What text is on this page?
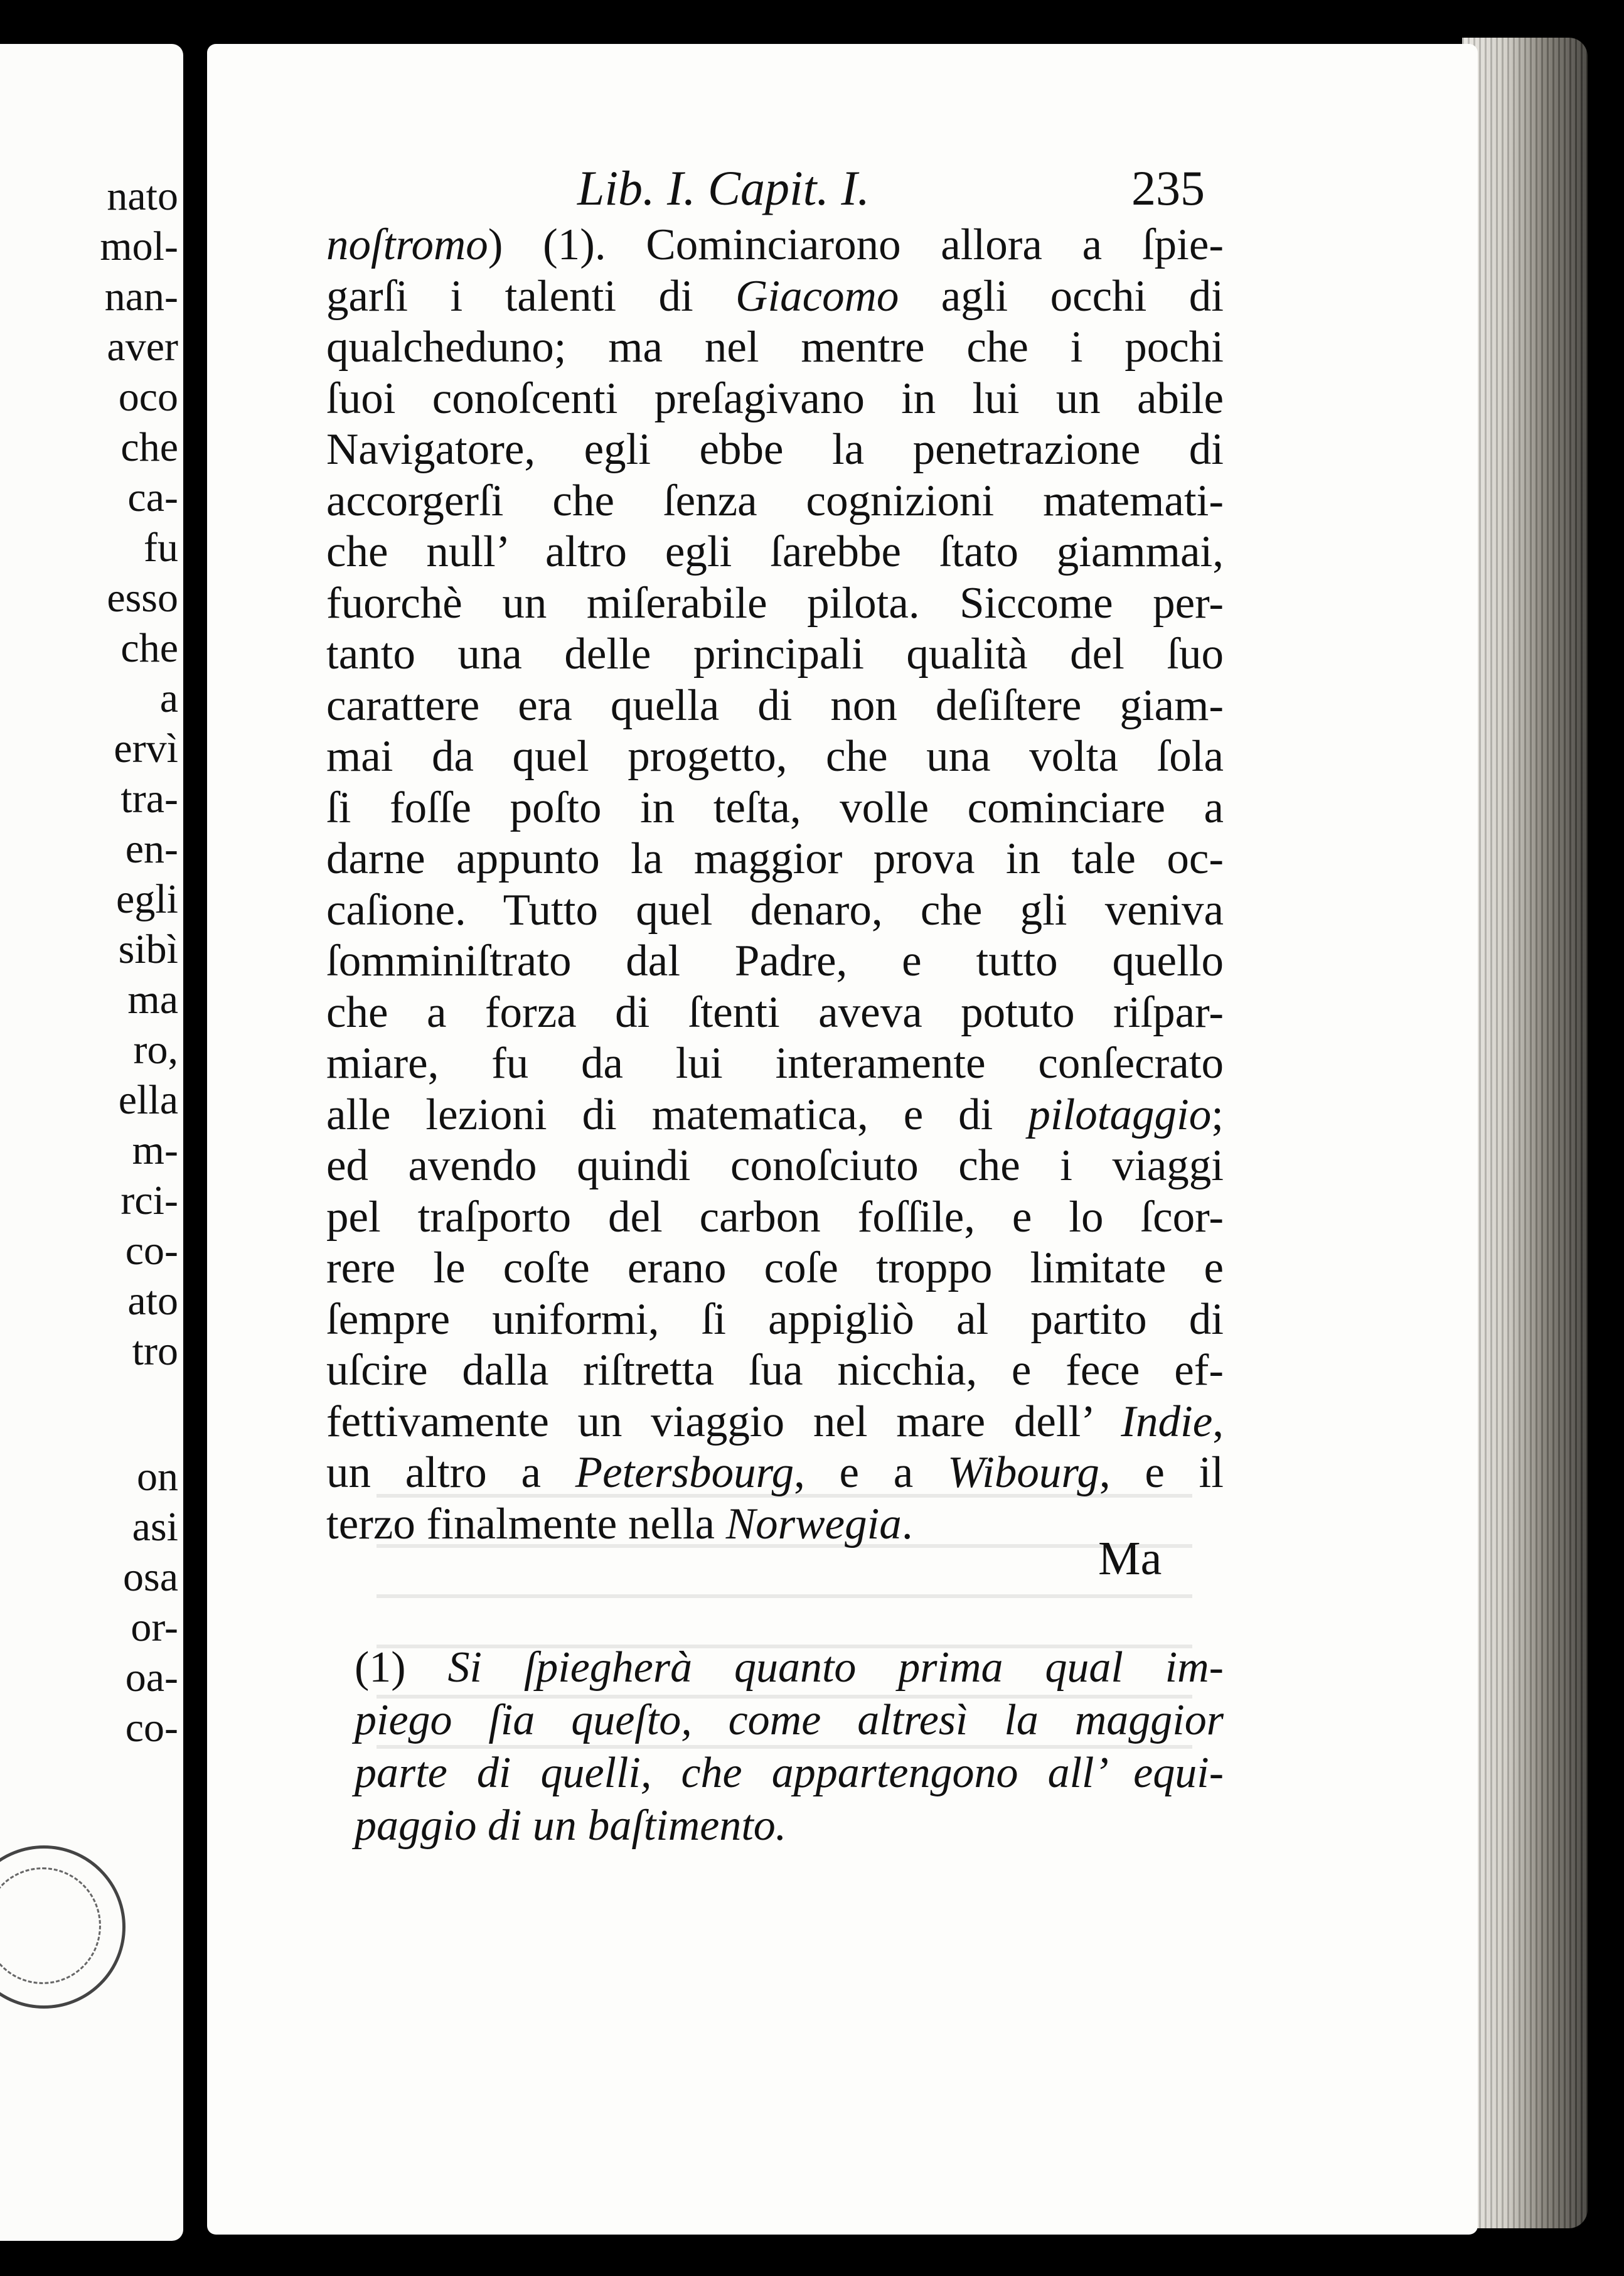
nato
mol-
nan-
aver
oco
che
ca-
fu
esso
che
a
ervì
tra-
en-
egli
sibì
ma
ro,
ella
m-
rci-
co-
ato
tro
on
asi
osa
or-
oa-
co-
Lib. I. Capit. I.	235
noſtromo) (1). Cominciarono allora a ſpie-
garſi i talenti di Giacomo agli occhi di
qualcheduno; ma nel mentre che i pochi
ſuoi conoſcenti preſagivano in lui un abile
Navigatore, egli ebbe la penetrazione di
accorgerſi che ſenza cognizioni matemati-
che null’ altro egli ſarebbe ſtato giammai,
fuorchè un miſerabile pilota. Siccome per-
tanto una delle principali qualità del ſuo
carattere era quella di non deſiſtere giam-
mai da quel progetto, che una volta ſola
ſi foſſe poſto in teſta, volle cominciare a
darne appunto la maggior prova in tale oc-
caſione. Tutto quel denaro, che gli veniva
ſomminiſtrato dal Padre, e tutto quello
che a forza di ſtenti aveva potuto riſpar-
miare, fu da lui interamente conſecrato
alle lezioni di matematica, e di pilotaggio;
ed avendo quindi conoſciuto che i viaggi
pel traſporto del carbon foſſile, e lo ſcor-
rere le coſte erano coſe troppo limitate e
ſempre uniformi, ſi appigliò al partito di
uſcire dalla riſtretta ſua nicchia, e fece ef-
fettivamente un viaggio nel mare dell’ Indie,
un altro a Petersbourg, e a Wibourg, e il
terzo finalmente nella Norwegia.
Ma
(1) Si ſpiegherà quanto prima qual im-
piego ſia queſto, come altresì la maggior
parte di quelli, che appartengono all’ equi-
paggio di un baſtimento.
